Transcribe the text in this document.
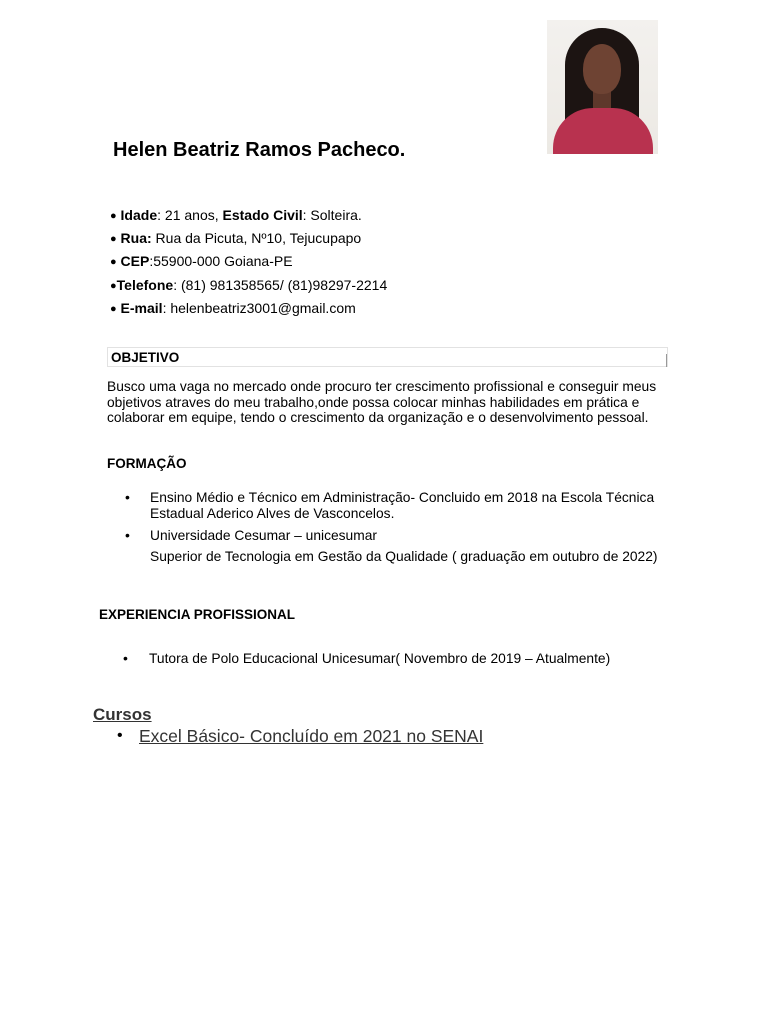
Helen Beatriz Ramos Pacheco.
● Idade: 21 anos, Estado Civil: Solteira.
● Rua: Rua da Picuta, Nº10, Tejucupapo
● CEP:55900-000 Goiana-PE
●Telefone: (81) 981358565/ (81)98297-2214
● E-mail: helenbeatriz3001@gmail.com
OBJETIVO
Busco uma vaga no mercado onde procuro ter crescimento profissional e conseguir meus objetivos atraves do meu trabalho,onde possa colocar minhas habilidades em prática e colaborar em equipe, tendo o crescimento da organização e o desenvolvimento pessoal.
FORMAÇÃO
• Ensino Médio e Técnico em Administração- Concluido em 2018 na Escola Técnica Estadual Aderico Alves de Vasconcelos.
• Universidade Cesumar – unicesumar
Superior de Tecnologia em Gestão da Qualidade ( graduação em outubro de 2022)
EXPERIENCIA PROFISSIONAL
• Tutora de Polo Educacional Unicesumar( Novembro de 2019 – Atualmente)
Cursos
• Excel Básico- Concluído em 2021 no SENAI
